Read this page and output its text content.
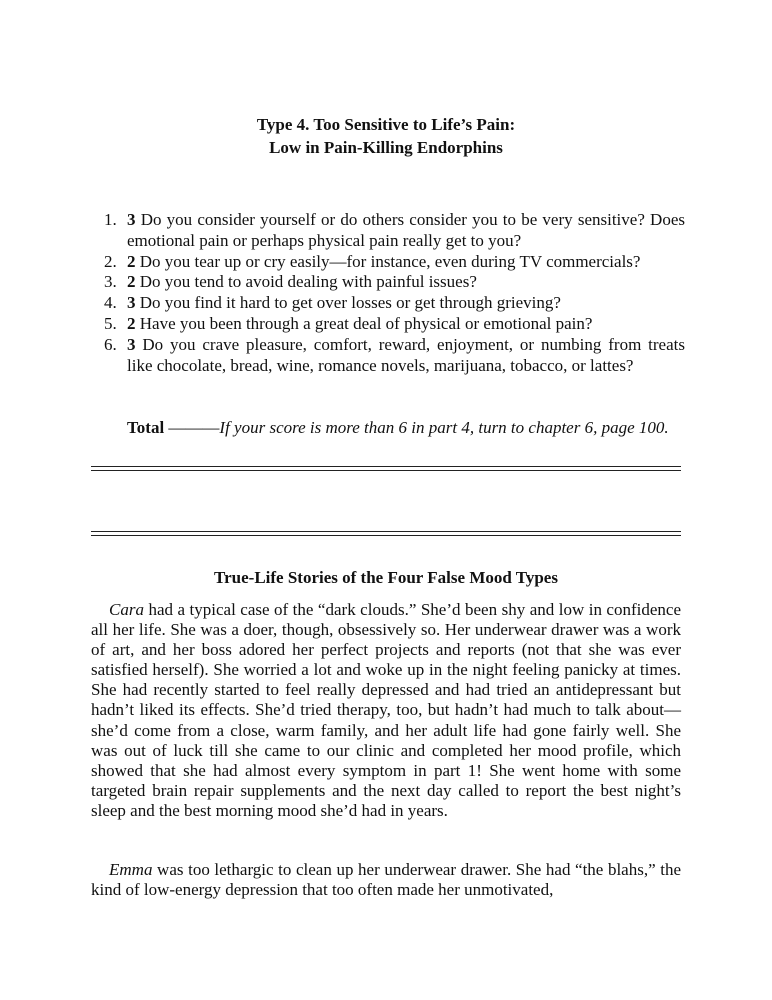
Type 4. Too Sensitive to Life’s Pain:
Low in Pain-Killing Endorphins
1. 3 Do you consider yourself or do others consider you to be very sensitive? Does emotional pain or perhaps physical pain really get to you?
2. 2 Do you tear up or cry easily—for instance, even during TV commercials?
3. 2 Do you tend to avoid dealing with painful issues?
4. 3 Do you find it hard to get over losses or get through grieving?
5. 2 Have you been through a great deal of physical or emotional pain?
6. 3 Do you crave pleasure, comfort, reward, enjoyment, or numbing from treats like chocolate, bread, wine, romance novels, marijuana, tobacco, or lattes?
Total ———If your score is more than 6 in part 4, turn to chapter 6, page 100.
True-Life Stories of the Four False Mood Types

Cara had a typical case of the “dark clouds.” She’d been shy and low in confidence all her life. She was a doer, though, obsessively so. Her underwear drawer was a work of art, and her boss adored her perfect projects and reports (not that she was ever satisfied herself). She worried a lot and woke up in the night feeling panicky at times. She had recently started to feel really depressed and had tried an antidepressant but hadn’t liked its effects. She’d tried therapy, too, but hadn’t had much to talk about—she’d come from a close, warm family, and her adult life had gone fairly well. She was out of luck till she came to our clinic and completed her mood profile, which showed that she had almost every symptom in part 1! She went home with some targeted brain repair supplements and the next day called to report the best night’s sleep and the best morning mood she’d had in years.

Emma was too lethargic to clean up her underwear drawer. She had “the blahs,” the kind of low-energy depression that too often made her unmotivated,
